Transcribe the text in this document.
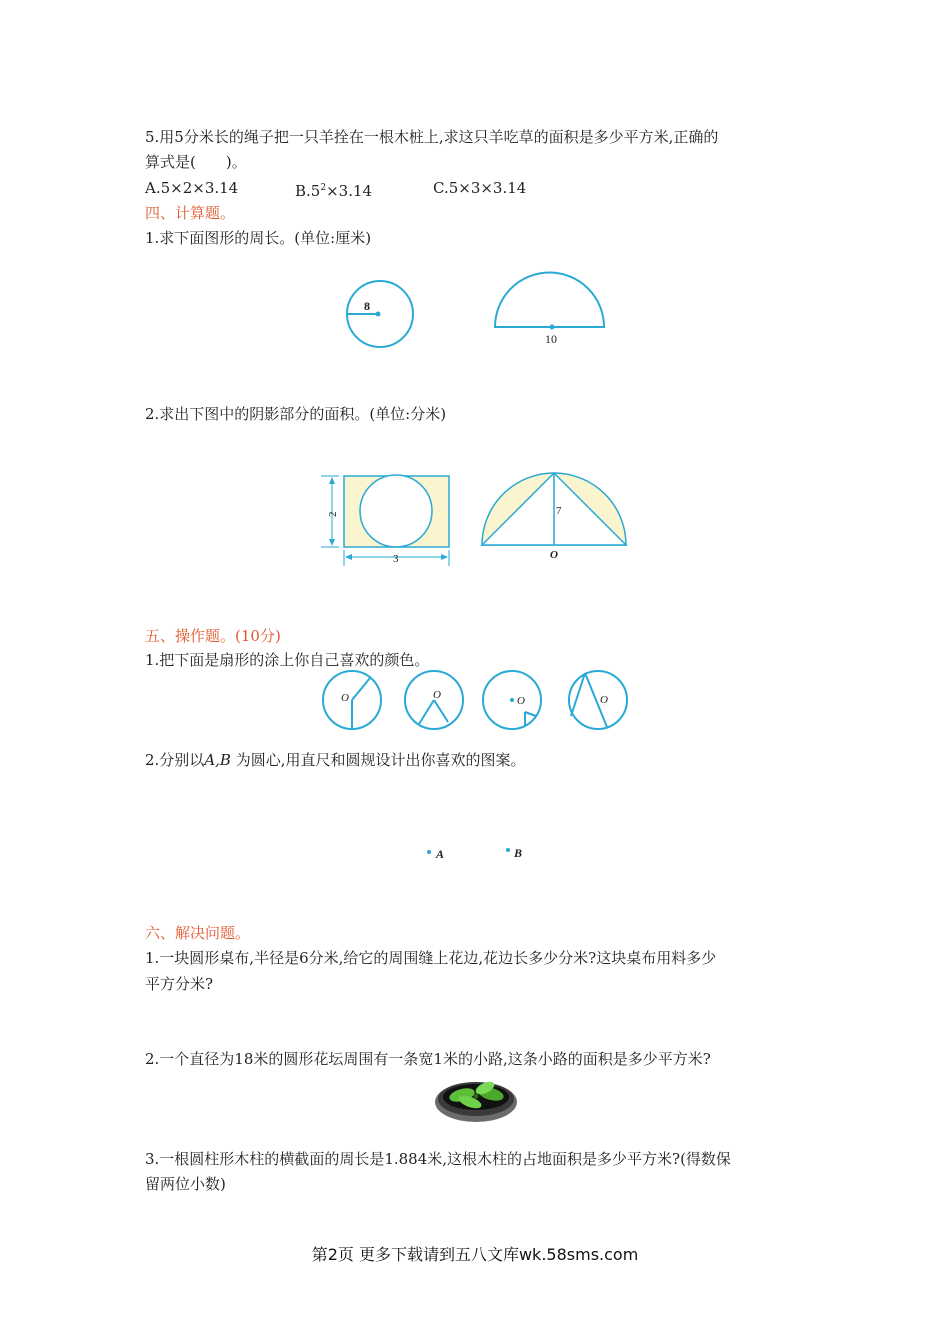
5.用5分米长的绳子把一只羊拴在一根木桩上,求这只羊吃草的面积是多少平方米,正确的
算式是(　　)。
A.5×2×3.14	$B.5^2\times 3.14$	C.5×3×3.14
四、计算题。
1.求下面图形的周长。(单位:厘米)
8
10
2
3
7
O
O	O	O	O
A	B
2.求出下图中的阴影部分的面积。(单位:分米)
五、操作题。(10分)
1.把下面是扇形的涂上你自己喜欢的颜色。
2.分别以A,B 为圆心,用直尺和圆规设计出你喜欢的图案。
六、解决问题。
1.一块圆形桌布,半径是6分米,给它的周围缝上花边,花边长多少分米?这块桌布用料多少
平方分米?
2.一个直径为18米的圆形花坛周围有一条宽1米的小路,这条小路的面积是多少平方米?
3.一根圆柱形木柱的横截面的周长是1.884米,这根木柱的占地面积是多少平方米?(得数保
留两位小数)
第2页 更多下载请到五八文库wk.58sms.com
